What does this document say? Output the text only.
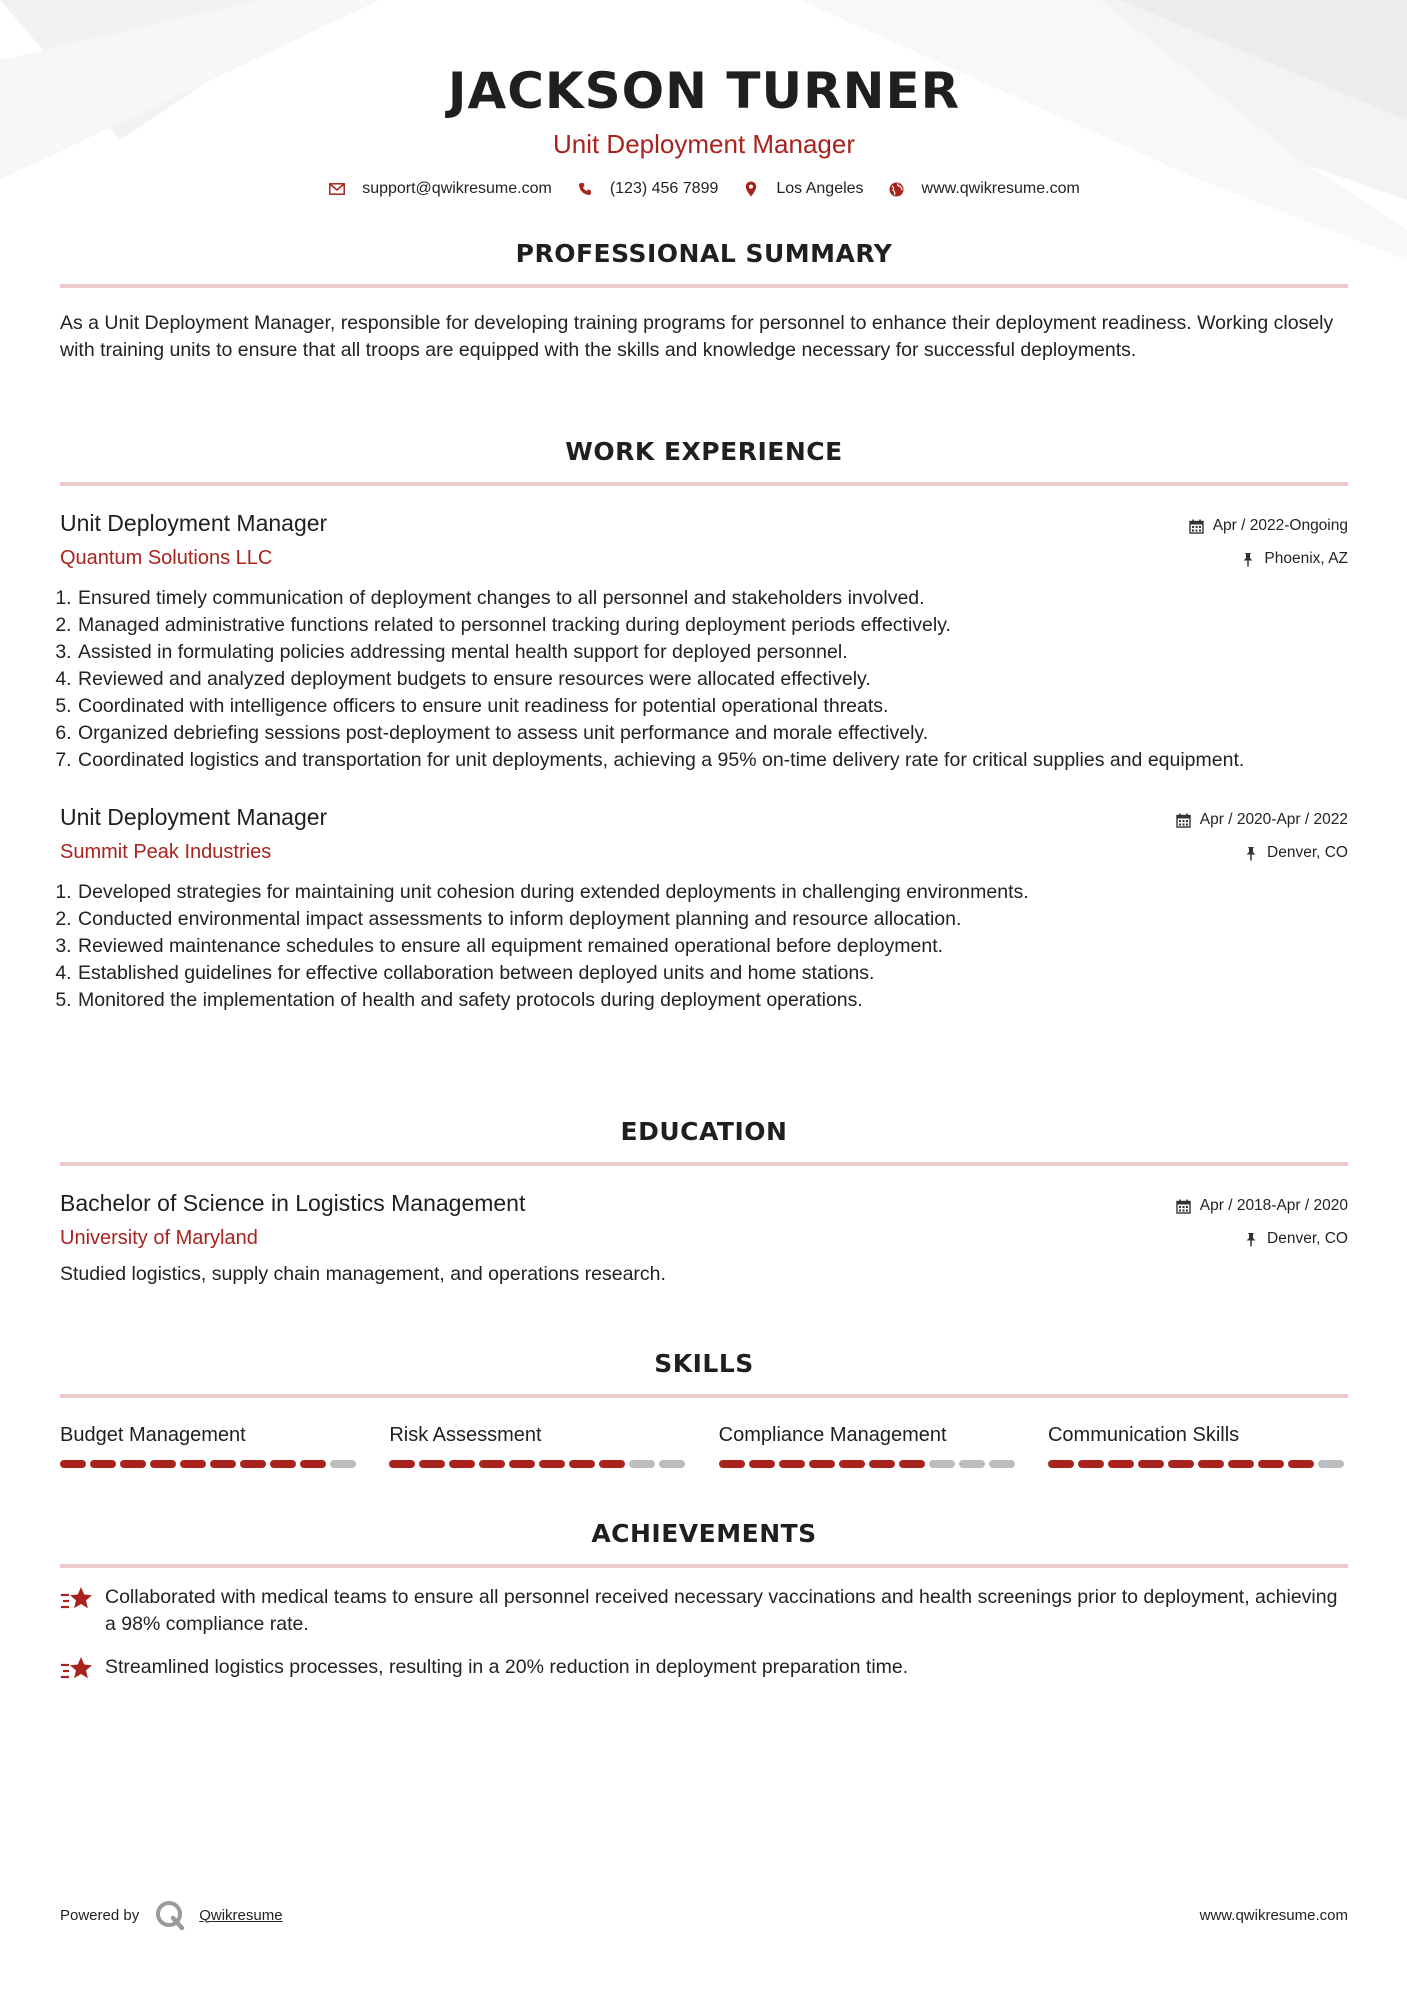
JACKSON TURNER
Unit Deployment Manager
support@qwikresume.com	(123) 456 7899	Los Angeles	www.qwikresume.com
PROFESSIONAL SUMMARY
As a Unit Deployment Manager, responsible for developing training programs for personnel to enhance their deployment readiness. Working closely with training units to ensure that all troops are equipped with the skills and knowledge necessary for successful deployments.
WORK EXPERIENCE
Unit Deployment Manager
Quantum Solutions LLC
Apr / 2022-Ongoing
Phoenix, AZ
1. Ensured timely communication of deployment changes to all personnel and stakeholders involved.
2. Managed administrative functions related to personnel tracking during deployment periods effectively.
3. Assisted in formulating policies addressing mental health support for deployed personnel.
4. Reviewed and analyzed deployment budgets to ensure resources were allocated effectively.
5. Coordinated with intelligence officers to ensure unit readiness for potential operational threats.
6. Organized debriefing sessions post-deployment to assess unit performance and morale effectively.
7. Coordinated logistics and transportation for unit deployments, achieving a 95% on-time delivery rate for critical supplies and equipment.
Unit Deployment Manager
Summit Peak Industries
Apr / 2020-Apr / 2022
Denver, CO
1. Developed strategies for maintaining unit cohesion during extended deployments in challenging environments.
2. Conducted environmental impact assessments to inform deployment planning and resource allocation.
3. Reviewed maintenance schedules to ensure all equipment remained operational before deployment.
4. Established guidelines for effective collaboration between deployed units and home stations.
5. Monitored the implementation of health and safety protocols during deployment operations.
EDUCATION
Bachelor of Science in Logistics Management
University of Maryland
Apr / 2018-Apr / 2020
Denver, CO
Studied logistics, supply chain management, and operations research.
SKILLS
Budget Management	Risk Assessment	Compliance Management	Communication Skills
ACHIEVEMENTS
Collaborated with medical teams to ensure all personnel received necessary vaccinations and health screenings prior to deployment, achieving a 98% compliance rate.
Streamlined logistics processes, resulting in a 20% reduction in deployment preparation time.
Powered by	Qwikresume	www.qwikresume.com
